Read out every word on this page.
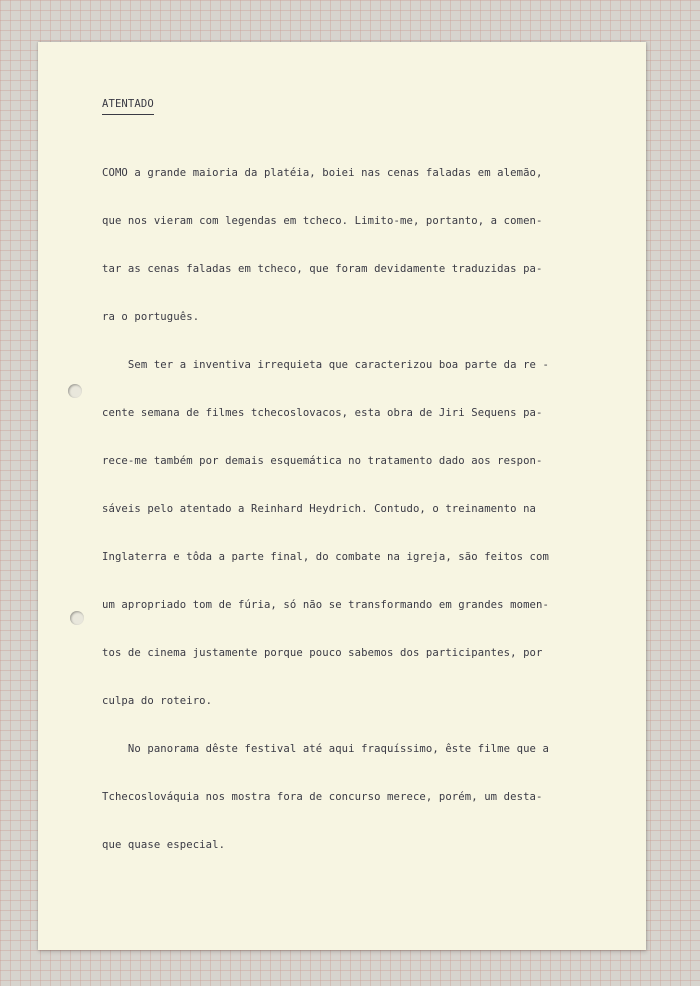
ATENTADO

COMO a grande maioria da platéia, boiei nas cenas faladas em alemão,

que nos vieram com legendas em tcheco. Limito-me, portanto, a comen-

tar as cenas faladas em tcheco, que foram devidamente traduzidas pa-

ra o português.

Sem ter a inventiva irrequieta que caracterizou boa parte da re -

cente semana de filmes tchecoslovacos, esta obra de Jiri Sequens pa-

rece-me também por demais esquemática no tratamento dado aos respon-

sáveis pelo atentado a Reinhard Heydrich. Contudo, o treinamento na

Inglaterra e tôda a parte final, do combate na igreja, são feitos com

um apropriado tom de fúria, só não se transformando em grandes momen-

tos de cinema justamente porque pouco sabemos dos participantes, por

culpa do roteiro.

No panorama dêste festival até aqui fraquíssimo, êste filme que a

Tchecoslováquia nos mostra fora de concurso merece, porém, um desta-

que quase especial.
